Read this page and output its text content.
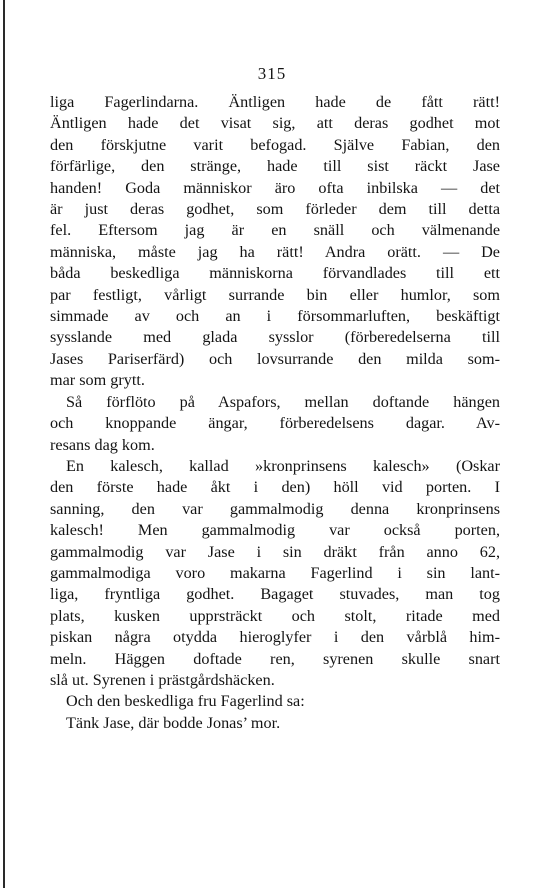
315

liga Fagerlindarna. Äntligen hade de fått rätt!

Äntligen hade det visat sig, att deras godhet mot

den förskjutne varit befogad. Själve Fabian, den

förfärlige, den stränge, hade till sist räckt Jase

handen! Goda människor äro ofta inbilska — det

är just deras godhet, som förleder dem till detta

fel. Eftersom jag är en snäll och välmenande

människa, måste jag ha rätt! Andra orätt. — De

båda beskedliga människorna förvandlades till ett

par festligt, vårligt surrande bin eller humlor, som

simmade av och an i försommarluften, beskäftigt

sysslande med glada sysslor (förberedelserna till

Jases Pariserfärd) och lovsurrande den milda som-

mar som grytt.

Så förflöto på Aspafors, mellan doftande hängen

och knoppande ängar, förberedelsens dagar. Av-

resans dag kom.

En kalesch, kallad »kronprinsens kalesch» (Oskar

den förste hade åkt i den) höll vid porten. I

sanning, den var gammalmodig denna kronprinsens

kalesch! Men gammalmodig var också porten,

gammalmodig var Jase i sin dräkt från anno 62,

gammalmodiga voro makarna Fagerlind i sin lant-

liga, fryntliga godhet. Bagaget stuvades, man tog

plats, kusken upprsträckt och stolt, ritade med

piskan några otydda hieroglyfer i den vårblå him-

meln. Häggen doftade ren, syrenen skulle snart

slå ut. Syrenen i prästgårdshäcken.

Och den beskedliga fru Fagerlind sa:

Tänk Jase, där bodde Jonas’ mor.
